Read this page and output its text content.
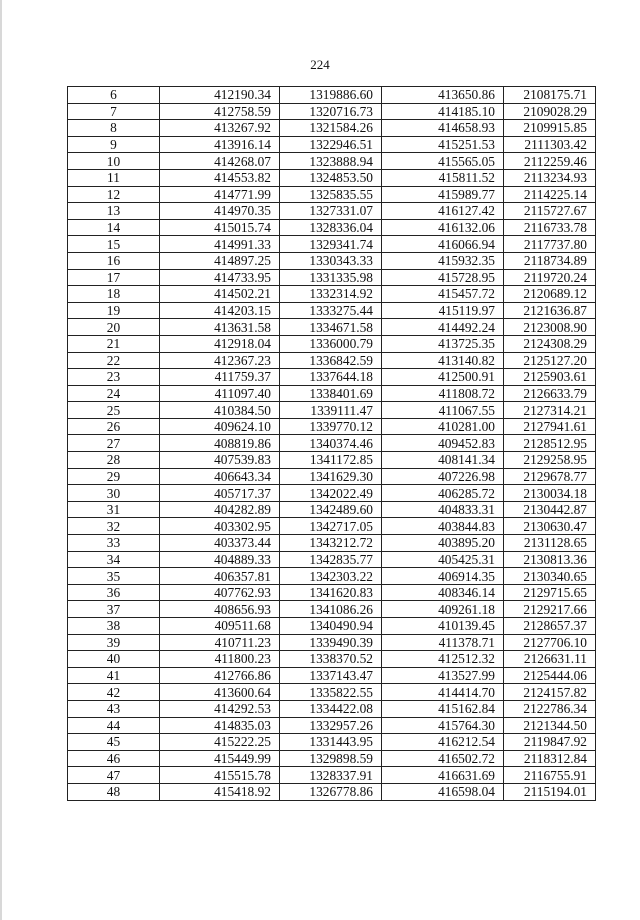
224
6	412190.34	1319886.60	413650.86	2108175.71
7	412758.59	1320716.73	414185.10	2109028.29
8	413267.92	1321584.26	414658.93	2109915.85
9	413916.14	1322946.51	415251.53	2111303.42
10	414268.07	1323888.94	415565.05	2112259.46
11	414553.82	1324853.50	415811.52	2113234.93
12	414771.99	1325835.55	415989.77	2114225.14
13	414970.35	1327331.07	416127.42	2115727.67
14	415015.74	1328336.04	416132.06	2116733.78
15	414991.33	1329341.74	416066.94	2117737.80
16	414897.25	1330343.33	415932.35	2118734.89
17	414733.95	1331335.98	415728.95	2119720.24
18	414502.21	1332314.92	415457.72	2120689.12
19	414203.15	1333275.44	415119.97	2121636.87
20	413631.58	1334671.58	414492.24	2123008.90
21	412918.04	1336000.79	413725.35	2124308.29
22	412367.23	1336842.59	413140.82	2125127.20
23	411759.37	1337644.18	412500.91	2125903.61
24	411097.40	1338401.69	411808.72	2126633.79
25	410384.50	1339111.47	411067.55	2127314.21
26	409624.10	1339770.12	410281.00	2127941.61
27	408819.86	1340374.46	409452.83	2128512.95
28	407539.83	1341172.85	408141.34	2129258.95
29	406643.34	1341629.30	407226.98	2129678.77
30	405717.37	1342022.49	406285.72	2130034.18
31	404282.89	1342489.60	404833.31	2130442.87
32	403302.95	1342717.05	403844.83	2130630.47
33	403373.44	1343212.72	403895.20	2131128.65
34	404889.33	1342835.77	405425.31	2130813.36
35	406357.81	1342303.22	406914.35	2130340.65
36	407762.93	1341620.83	408346.14	2129715.65
37	408656.93	1341086.26	409261.18	2129217.66
38	409511.68	1340490.94	410139.45	2128657.37
39	410711.23	1339490.39	411378.71	2127706.10
40	411800.23	1338370.52	412512.32	2126631.11
41	412766.86	1337143.47	413527.99	2125444.06
42	413600.64	1335822.55	414414.70	2124157.82
43	414292.53	1334422.08	415162.84	2122786.34
44	414835.03	1332957.26	415764.30	2121344.50
45	415222.25	1331443.95	416212.54	2119847.92
46	415449.99	1329898.59	416502.72	2118312.84
47	415515.78	1328337.91	416631.69	2116755.91
48	415418.92	1326778.86	416598.04	2115194.01
